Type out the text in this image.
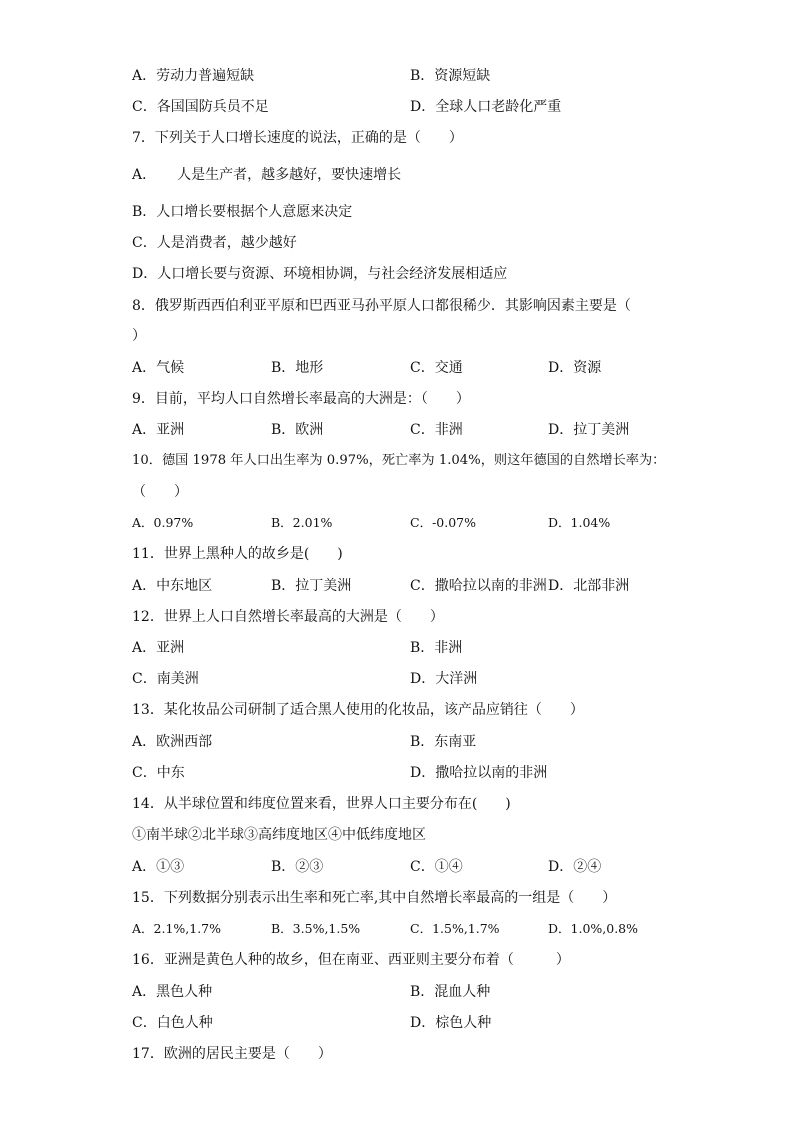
A．劳动力普遍短缺	B．资源短缺
C．各国国防兵员不足	D．全球人口老龄化严重
7．下列关于人口增长速度的说法，正确的是（　　）
A．　　人是生产者，越多越好，要快速增长
B．人口增长要根据个人意愿来决定
C．人是消费者，越少越好
D．人口增长要与资源、环境相协调，与社会经济发展相适应
8．俄罗斯西西伯利亚平原和巴西亚马孙平原人口都很稀少．其影响因素主要是（
）
A．气候	B．地形	C．交通	D．资源
9．目前，平均人口自然增长率最高的大洲是：（　　）
A．亚洲	B．欧洲	C．非洲	D．拉丁美洲
10．德国 1978 年人口出生率为 0.97%，死亡率为 1.04%，则这年德国的自然增长率为：
（　　）
A．0.97%	B．2.01%	C．-0.07%	D．1.04%
11．世界上黑种人的故乡是(　　)
A．中东地区	B．拉丁美洲	C．撒哈拉以南的非洲 D．北部非洲
12．世界上人口自然增长率最高的大洲是（　　）
A．亚洲	B．非洲
C．南美洲	D．大洋洲
13．某化妆品公司研制了适合黑人使用的化妆品，该产品应销往（　　）
A．欧洲西部	B．东南亚
C．中东	D．撒哈拉以南的非洲
14．从半球位置和纬度位置来看，世界人口主要分布在(　　)
①南半球②北半球③高纬度地区④中低纬度地区
A．①③	B．②③	C．①④	D．②④
15．下列数据分别表示出生率和死亡率,其中自然增长率最高的一组是（　　）
A．2.1%,1.7%	B．3.5%,1.5%	C．1.5%,1.7%	D．1.0%,0.8%
16．亚洲是黄色人种的故乡，但在南亚、西亚则主要分布着（　　　）
A．黑色人种	B．混血人种
C．白色人种	D．棕色人种
17．欧洲的居民主要是（　　）
